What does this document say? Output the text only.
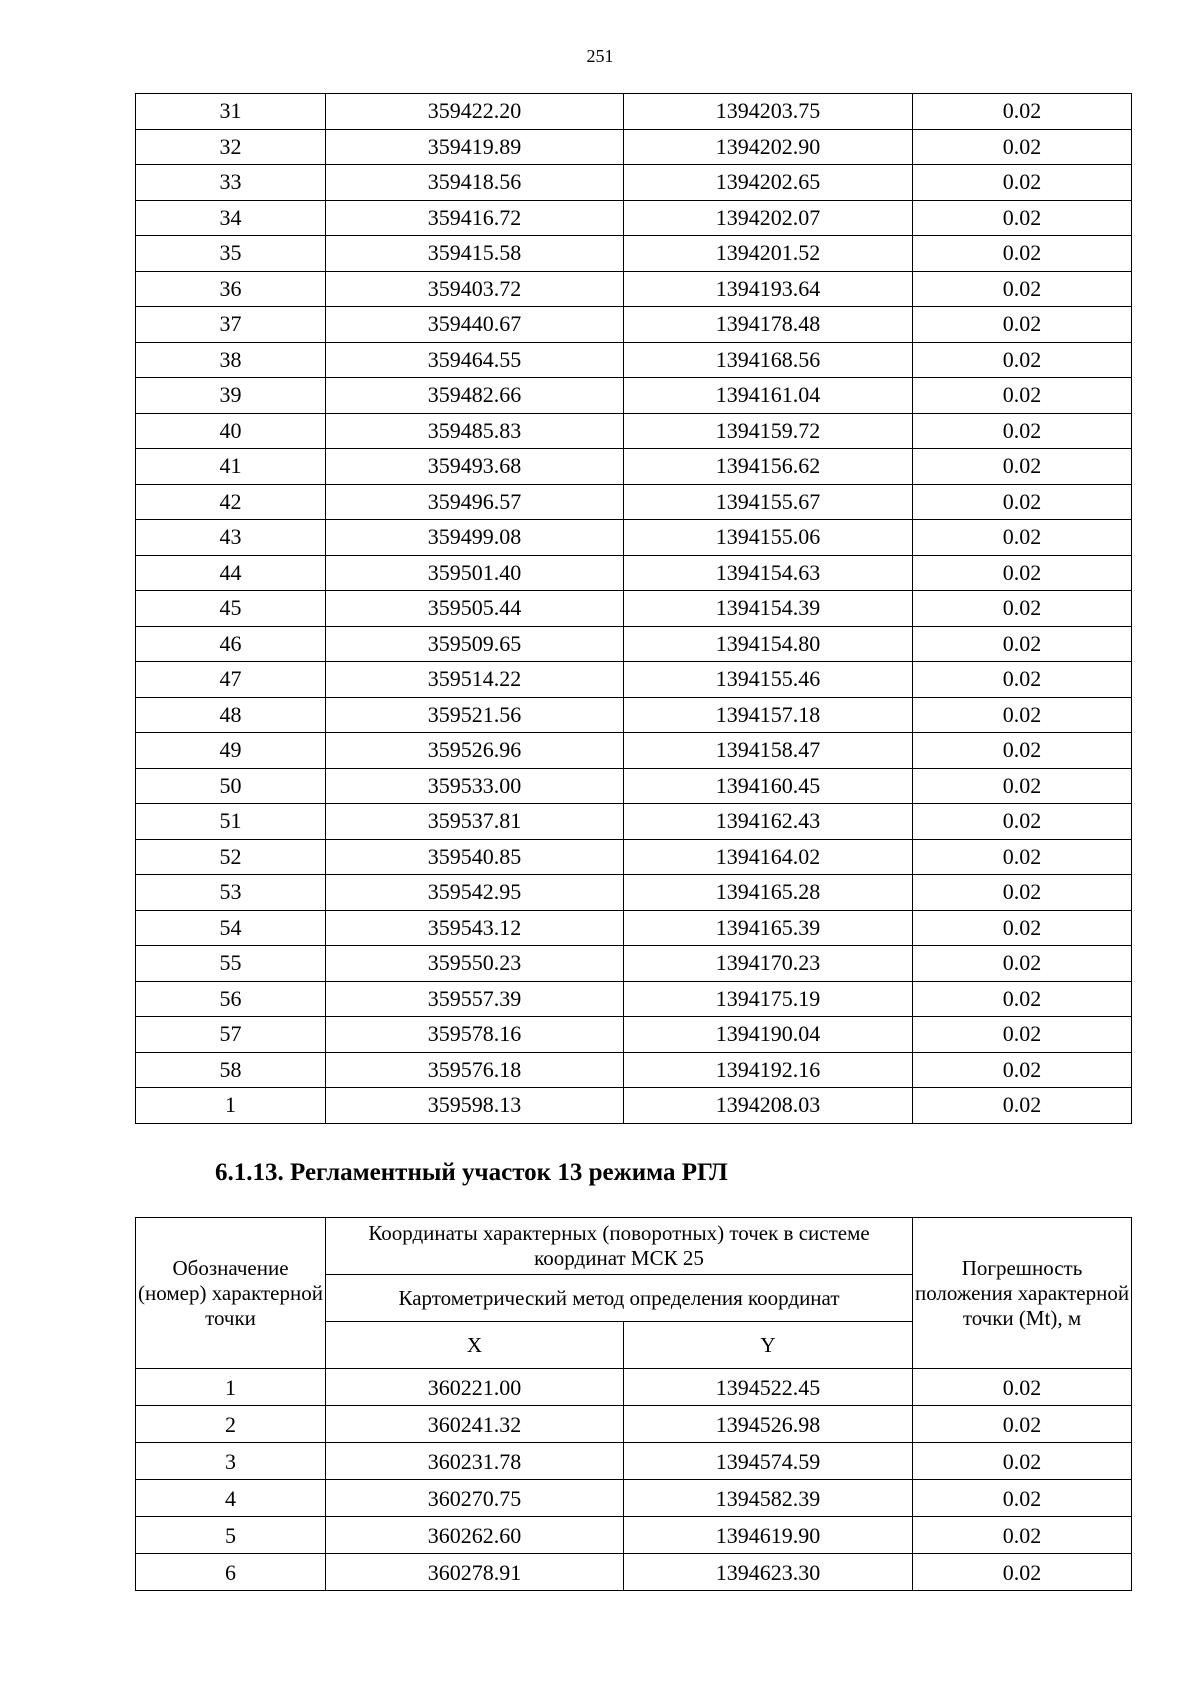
251
31	359422.20	1394203.75	0.02
32	359419.89	1394202.90	0.02
33	359418.56	1394202.65	0.02
34	359416.72	1394202.07	0.02
35	359415.58	1394201.52	0.02
36	359403.72	1394193.64	0.02
37	359440.67	1394178.48	0.02
38	359464.55	1394168.56	0.02
39	359482.66	1394161.04	0.02
40	359485.83	1394159.72	0.02
41	359493.68	1394156.62	0.02
42	359496.57	1394155.67	0.02
43	359499.08	1394155.06	0.02
44	359501.40	1394154.63	0.02
45	359505.44	1394154.39	0.02
46	359509.65	1394154.80	0.02
47	359514.22	1394155.46	0.02
48	359521.56	1394157.18	0.02
49	359526.96	1394158.47	0.02
50	359533.00	1394160.45	0.02
51	359537.81	1394162.43	0.02
52	359540.85	1394164.02	0.02
53	359542.95	1394165.28	0.02
54	359543.12	1394165.39	0.02
55	359550.23	1394170.23	0.02
56	359557.39	1394175.19	0.02
57	359578.16	1394190.04	0.02
58	359576.18	1394192.16	0.02
1	359598.13	1394208.03	0.02
6.1.13. Регламентный участок 13 режима РГЛ
Обозначение (номер) характерной точки	Координаты характерных (поворотных) точек в системе координат МСК 25		Погрешность положения характерной точки (Mt), м
	Картометрический метод определения координат		
	X	Y	
1	360221.00	1394522.45	0.02
2	360241.32	1394526.98	0.02
3	360231.78	1394574.59	0.02
4	360270.75	1394582.39	0.02
5	360262.60	1394619.90	0.02
6	360278.91	1394623.30	0.02
